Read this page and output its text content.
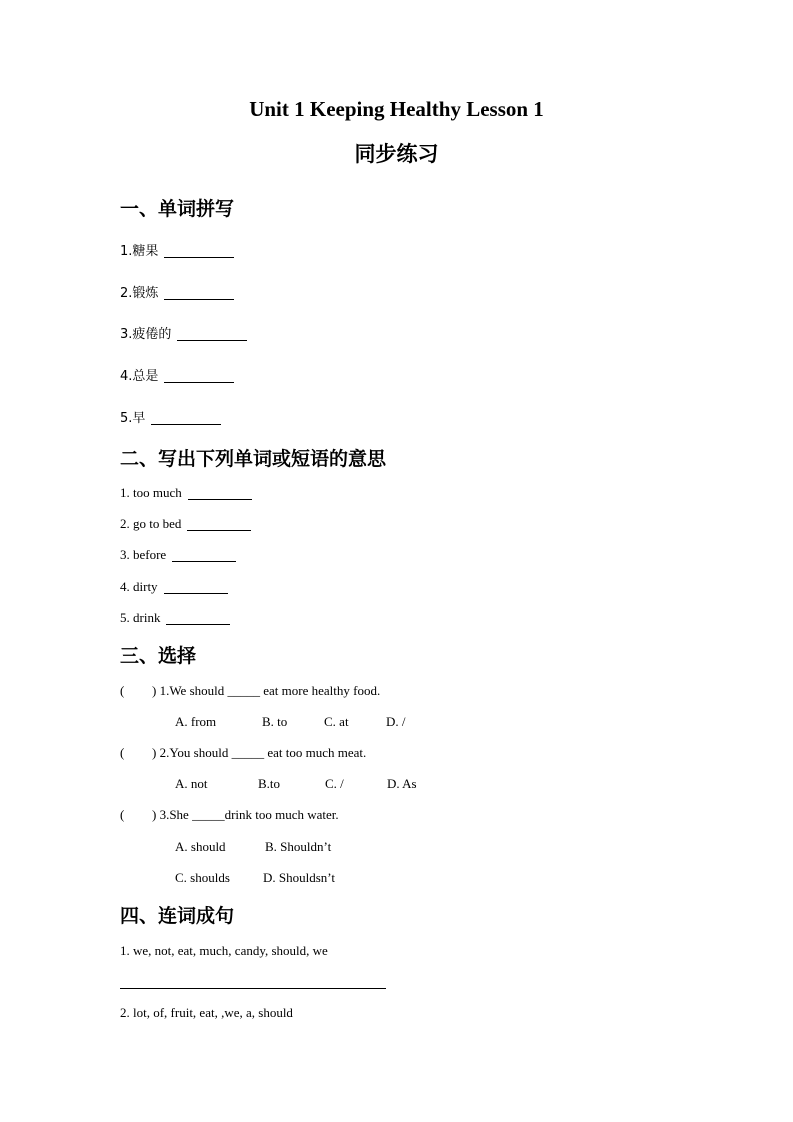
Unit 1 Keeping Healthy Lesson 1
同步练习
一、单词拼写
1.糖果
2.锻炼
3.疲倦的
4.总是
5.早
二、写出下列单词或短语的意思
1. too much
2. go to bed
3. before
4. dirty
5. drink
三、选择
( ) 1.We should _____ eat more healthy food.
A. from	B. to	C. at	D. /
( ) 2.You should _____ eat too much meat.
A. not	B.to	C. /	D. As
( ) 3.She _____drink too much water.
A. should	B. Shouldn’t
C. shoulds	D. Shouldsn’t
四、连词成句
1. we, not, eat, much, candy, should, we
2. lot, of, fruit, eat, ,we, a, should
